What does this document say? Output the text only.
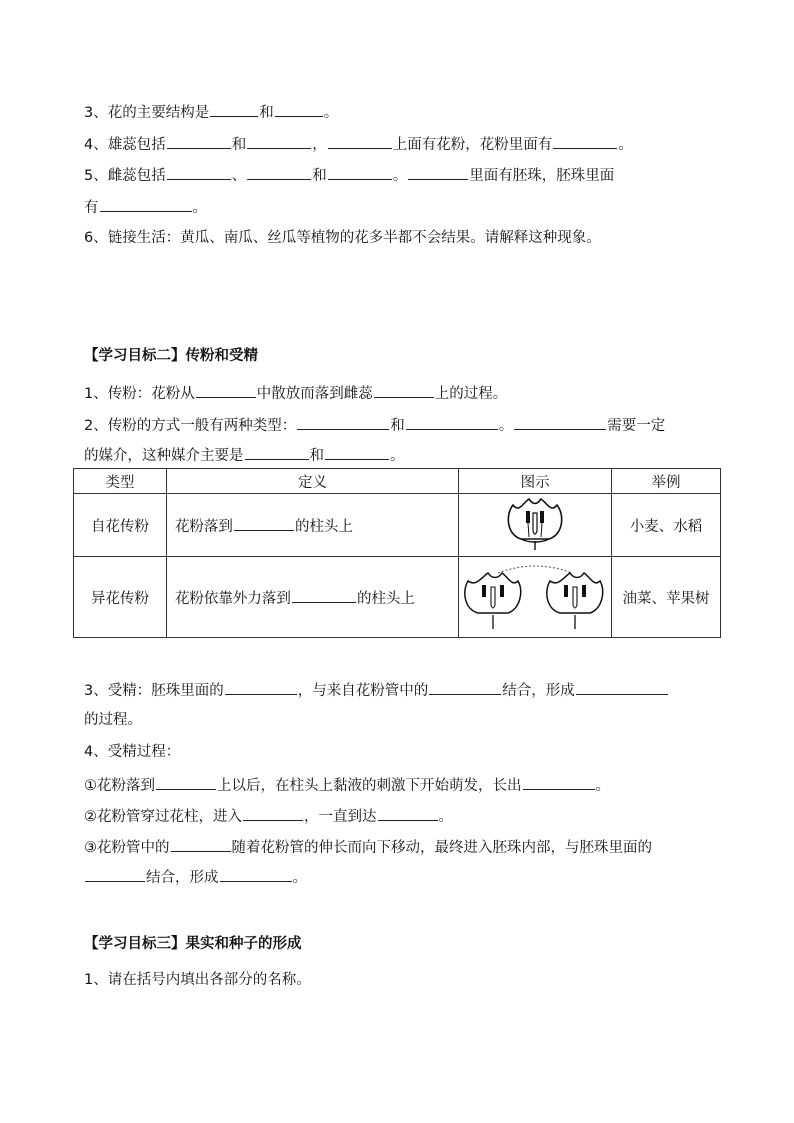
3、花的主要结构是	和	。
4、雄蕊包括	和	，	上面有花粉，花粉里面有	。
5、雌蕊包括	、	和	。	里面有胚珠，胚珠里面
有	。
6、链接生活：黄瓜、南瓜、丝瓜等植物的花多半都不会结果。请解释这种现象。
【学习目标二】传粉和受精
1、传粉：花粉从	中散放而落到雌蕊	上的过程。
2、传粉的方式一般有两种类型：	和	。	需要一定
的媒介，这种媒介主要是	和	。
类型	定义	图示	举例
自花传粉	花粉落到 的柱头上		小麦、水稻
异花传粉	花粉依靠外力落到 的柱头上		油菜、苹果树
3、受精：胚珠里面的	，与来自花粉管中的	结合，形成
的过程。
4、受精过程：
①花粉落到	上以后，在柱头上黏液的刺激下开始萌发，长出	。
②花粉管穿过花柱，进入	，一直到达	。
③花粉管中的	随着花粉管的伸长而向下移动，最终进入胚珠内部，与胚珠里面的
结合，形成	。
【学习目标三】果实和种子的形成
1、请在括号内填出各部分的名称。
